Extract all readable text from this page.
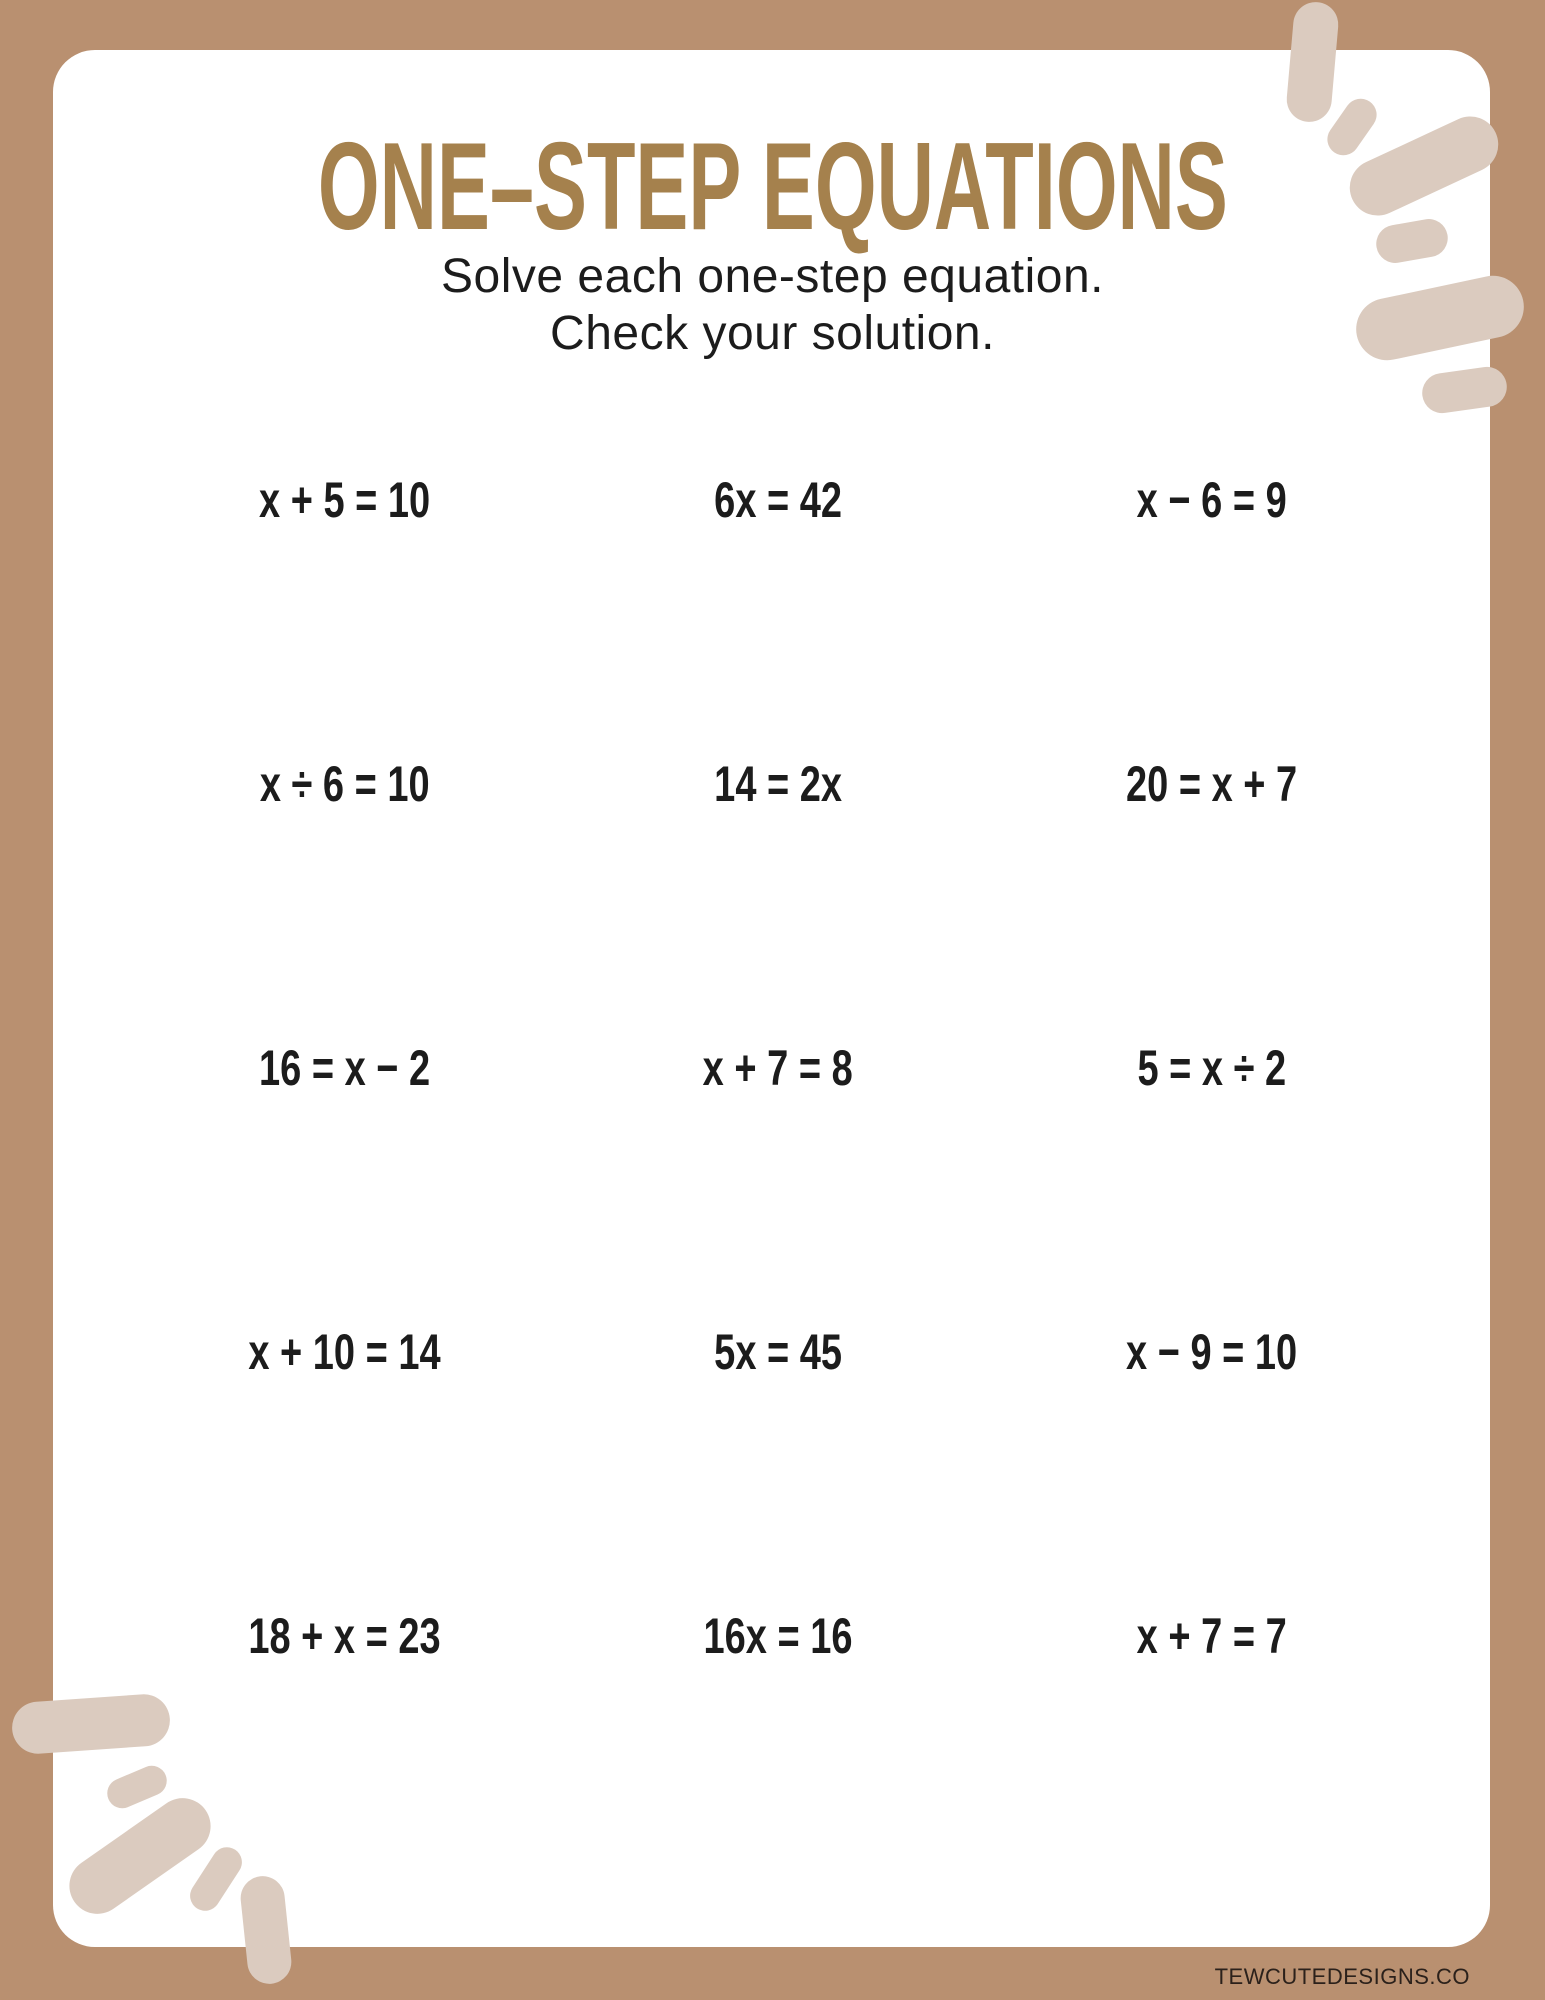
ONE–STEP EQUATIONS
Solve each one-step equation.
Check your solution.
x + 5 = 10	6x = 42	x − 6 = 9
x ÷ 6 = 10	14 = 2x	20 = x + 7
16 = x − 2	x + 7 = 8	5 = x ÷ 2
x + 10 = 14	5x = 45	x − 9 = 10
18 + x = 23	16x = 16	x + 7 = 7
TEWCUTEDESIGNS.CO
